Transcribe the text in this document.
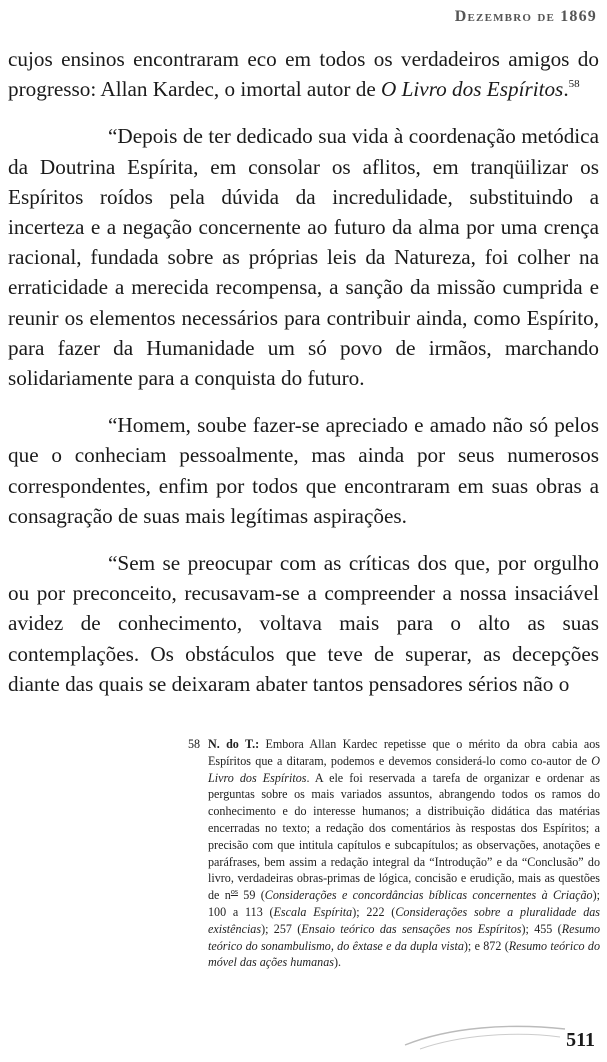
Dezembro de 1869

cujos ensinos encontraram eco em todos os verdadeiros amigos do progresso: Allan Kardec, o imortal autor de O Livro dos Espíritos.$^{58}$

“Depois de ter dedicado sua vida à coordenação metódica da Doutrina Espírita, em consolar os aflitos, em tranqüilizar os Espíritos roídos pela dúvida da incredulidade, substituindo a incerteza e a negação concernente ao futuro da alma por uma crença racional, fundada sobre as próprias leis da Natureza, foi colher na erraticidade a merecida recompensa, a sanção da missão cumprida e reunir os elementos necessários para contribuir ainda, como Espírito, para fazer da Humanidade um só povo de irmãos, marchando solidariamente para a conquista do futuro.

“Homem, soube fazer-se apreciado e amado não só pelos que o conheciam pessoalmente, mas ainda por seus numerosos correspondentes, enfim por todos que encontraram em suas obras a consagração de suas mais legítimas aspirações.

“Sem se preocupar com as críticas dos que, por orgulho ou por preconceito, recusavam-se a compreender a nossa insaciável avidez de conhecimento, voltava mais para o alto as suas contemplações. Os obstáculos que teve de superar, as decepções diante das quais se deixaram abater tantos pensadores sérios não o

58 N. do T.: Embora Allan Kardec repetisse que o mérito da obra cabia aos Espíritos que a ditaram, podemos e devemos considerá-lo como co-autor de O Livro dos Espíritos. A ele foi reservada a tarefa de organizar e ordenar as perguntas sobre os mais variados assuntos, abrangendo todos os ramos do conhecimento e do interesse humanos; a distribuição didática das matérias encerradas no texto; a redação dos comentários às respostas dos Espíritos; a precisão com que intitula capítulos e subcapítulos; as observações, anotações e paráfrases, bem assim a redação integral da “Introdução” e da “Conclusão” do livro, verdadeiras obras-primas de lógica, concisão e erudição, mais as questões de $n^{os}$ 59 (Considerações e concordâncias bíblicas concernentes à Criação); 100 a 113 (Escala Espírita); 222 (Considerações sobre a pluralidade das existências); 257 (Ensaio teórico das sensações nos Espíritos); 455 (Resumo teórico do sonambulismo, do êxtase e da dupla vista); e 872 (Resumo teórico do móvel das ações humanas).
511
